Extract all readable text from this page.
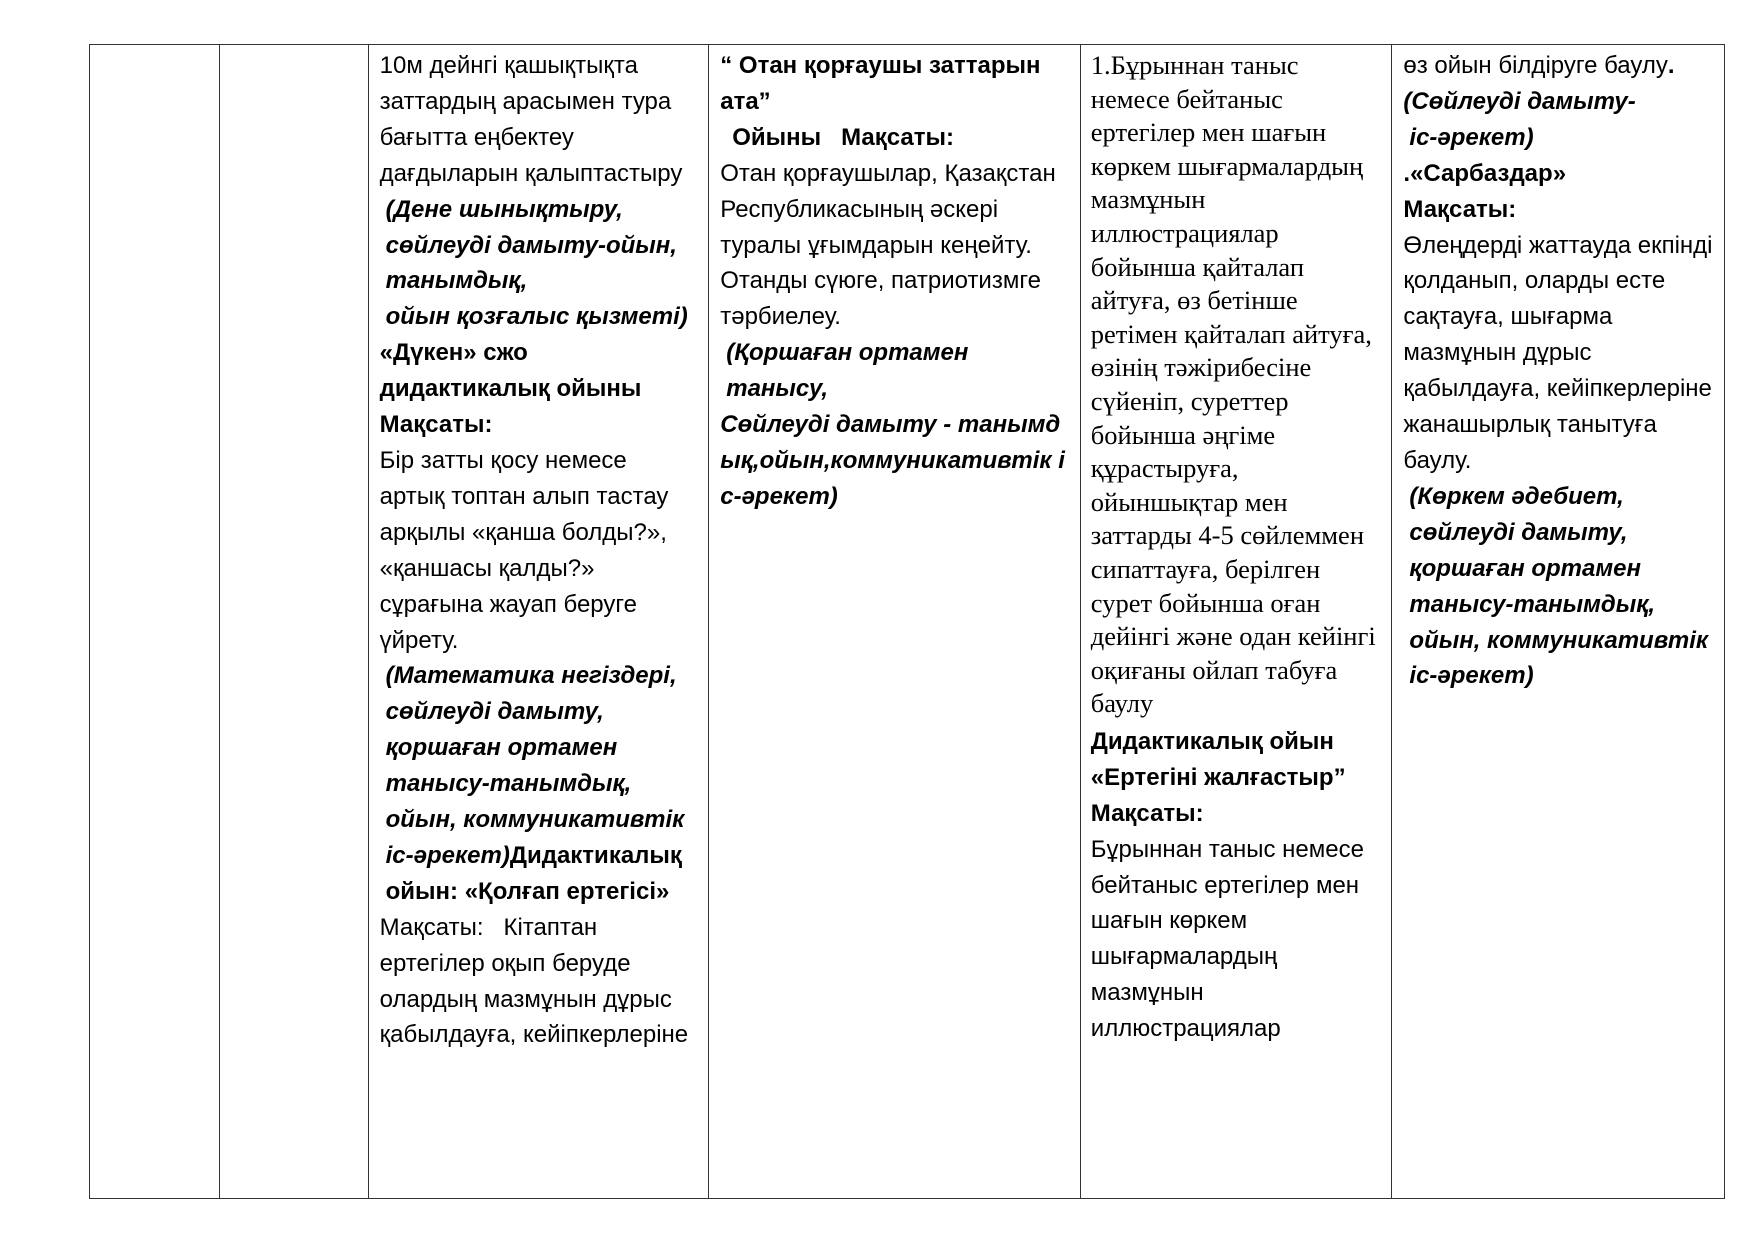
10м дейнгі қашықтықта заттардың арасымен тура бағытта еңбектеу дағдыларын қалыптастыру
(Дене шынықтыру, сөйлеуді дамыту-ойын, танымдық,
ойын қозғалыс қызметі)
«Дүкен» сжо дидактикалық ойыны
Мақсаты:
Бір затты қосу немесе артық топтан алып тастау арқылы «қанша болды?», «қаншасы қалды?» сұрағына жауап беруге үйрету.
(Математика негіздері, сөйлеуді дамыту, қоршаған ортамен танысу-танымдық, ойын, коммуникативтік іс-әрекет)Дидактикалық ойын: «Қолғап ертегісі»
Мақсаты:   Кітаптан ертегілер оқып беруде олардың мазмұнын дұрыс қабылдауға, кейіпкерлеріне
“ Отан қорғаушы заттарын ата”
Ойыны   Мақсаты:
Отан қорғаушылар, Қазақстан Республикасының әскері туралы ұғымдарын кеңейту. Отанды сүюге, патриотизмге тәрбиелеу.
(Қоршаған ортамен танысу,
Сөйлеуді дамыту - танымдық,ойын,коммуникативтік іс-әрекет)
1.Бұрыннан таныс немесе бейтаныс ертегілер мен шағын көркем шығармалардың мазмұнын иллюстрациялар бойынша қайталап айтуға, өз бетінше ретімен қайталап айтуға, өзінің тәжірибесіне сүйеніп, суреттер бойынша әңгіме құрастыруға, ойыншықтар мен заттарды 4-5 сөйлеммен сипаттауға, берілген сурет бойынша оған дейінгі және одан кейінгі оқиғаны ойлап табуға баулу
Дидактикалық ойын «Ертегіні жалғастыр”
Мақсаты:
Бұрыннан таныс немесе бейтаныс ертегілер мен шағын көркем шығармалардың мазмұнын иллюстрациялар
өз ойын білдіруге баулу.
(Сөйлеуді дамыту-
іс-әрекет)
.«Сарбаздар»
Мақсаты:
Өлеңдерді жаттауда екпінді қолданып, оларды есте сақтауға, шығарма мазмұнын дұрыс қабылдауға, кейіпкерлеріне жанашырлық танытуға баулу.
(Көркем әдебиет, сөйлеуді дамыту, қоршаған ортамен танысу-танымдық, ойын, коммуникативтік іс-әрекет)
